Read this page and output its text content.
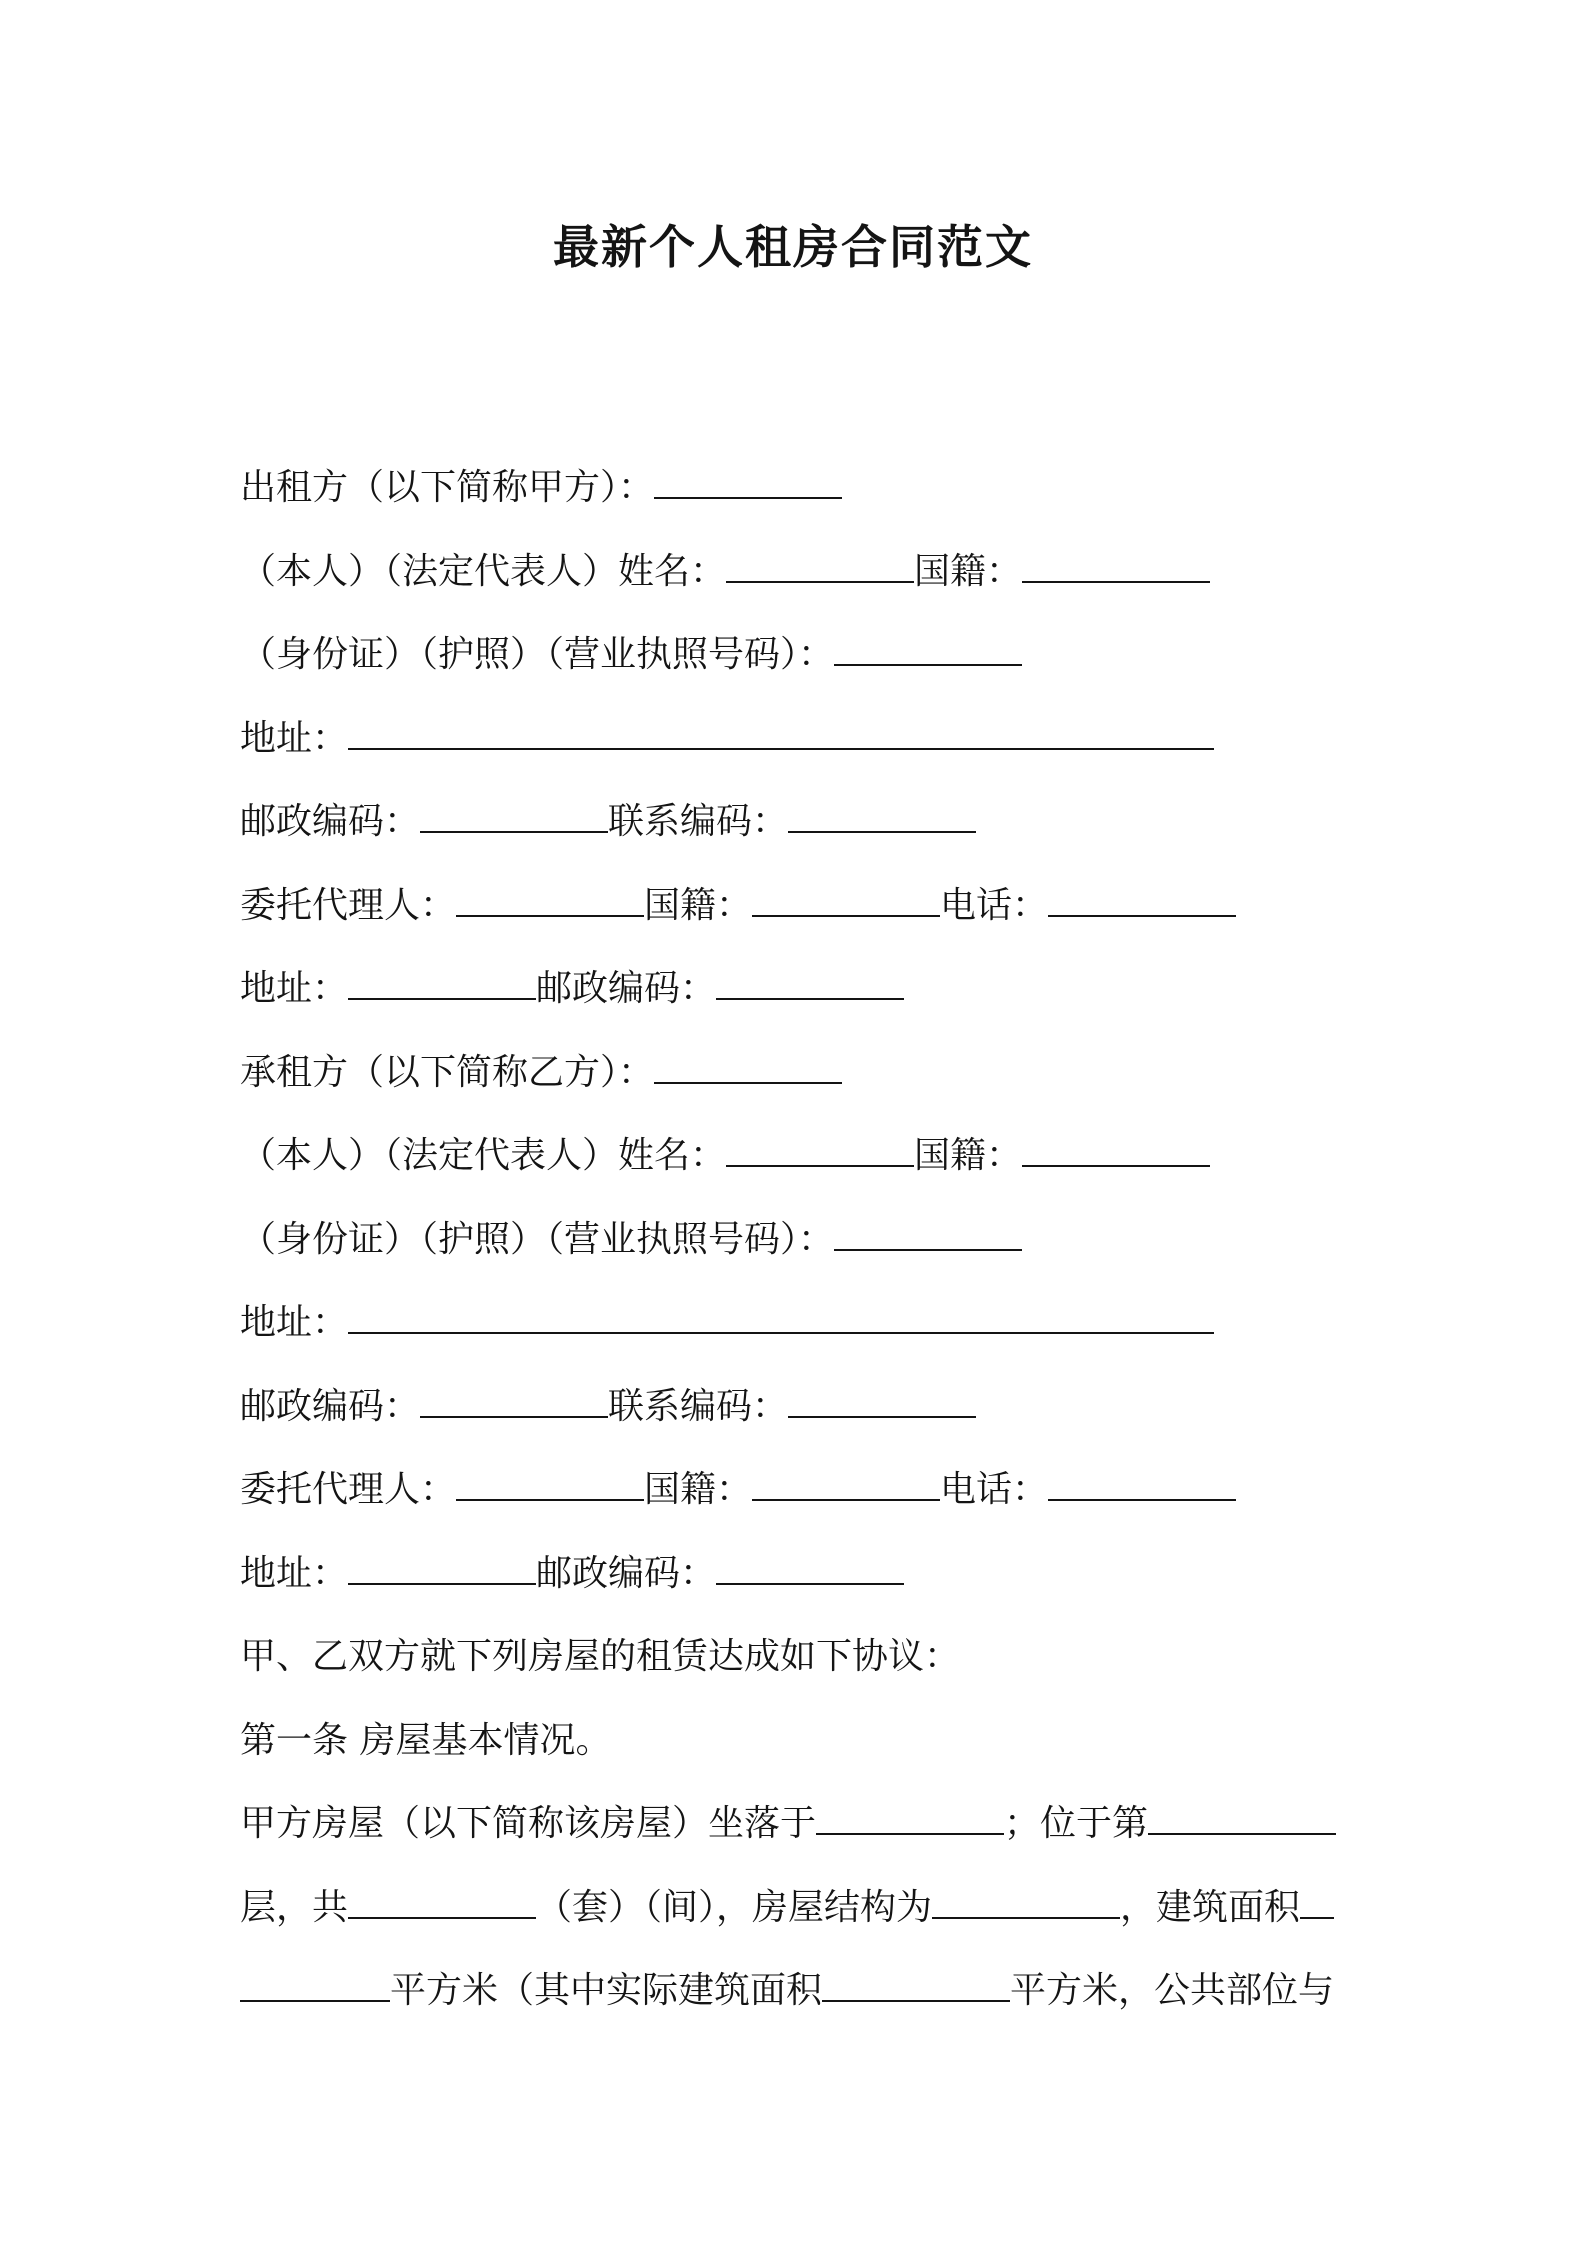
最新个人租房合同范文
出租方（以下简称甲方）：
（本人）（法定代表人）姓名：	国籍：
（身份证）（护照）（营业执照号码）：
地址：
邮政编码：	联系编码：
委托代理人：	国籍：	电话：
地址：	邮政编码：
承租方（以下简称乙方）：
（本人）（法定代表人）姓名：	国籍：
（身份证）（护照）（营业执照号码）：
地址：
邮政编码：	联系编码：
委托代理人：	国籍：	电话：
地址：	邮政编码：
甲、乙双方就下列房屋的租赁达成如下协议：
第一条 房屋基本情况。
甲方房屋（以下简称该房屋）坐落于	；位于第
层，共	（套）（间），房屋结构为	，建筑面积
平方米（其中实际建筑面积	平方米，公共部位与
